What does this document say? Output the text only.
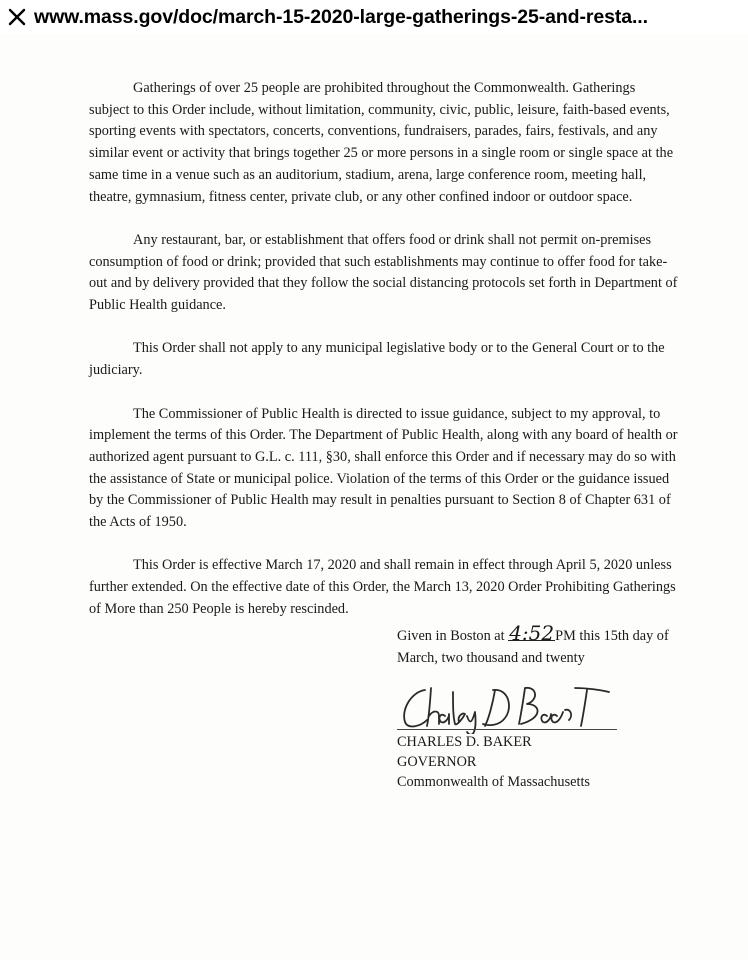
www.mass.gov/doc/march-15-2020-large-gatherings-25-and-resta...

Gatherings of over 25 people are prohibited throughout the Commonwealth. Gatherings subject to this Order include, without limitation, community, civic, public, leisure, faith-based events, sporting events with spectators, concerts, conventions, fundraisers, parades, fairs, festivals, and any similar event or activity that brings together 25 or more persons in a single room or single space at the same time in a venue such as an auditorium, stadium, arena, large conference room, meeting hall, theatre, gymnasium, fitness center, private club, or any other confined indoor or outdoor space.

Any restaurant, bar, or establishment that offers food or drink shall not permit on-premises consumption of food or drink; provided that such establishments may continue to offer food for take-out and by delivery provided that they follow the social distancing protocols set forth in Department of Public Health guidance.

This Order shall not apply to any municipal legislative body or to the General Court or to the judiciary.

The Commissioner of Public Health is directed to issue guidance, subject to my approval, to implement the terms of this Order. The Department of Public Health, along with any board of health or authorized agent pursuant to G.L. c. 111, §30, shall enforce this Order and if necessary may do so with the assistance of State or municipal police. Violation of the terms of this Order or the guidance issued by the Commissioner of Public Health may result in penalties pursuant to Section 8 of Chapter 631 of the Acts of 1950.

This Order is effective March 17, 2020 and shall remain in effect through April 5, 2020 unless further extended. On the effective date of this Order, the March 13, 2020 Order Prohibiting Gatherings of More than 250 People is hereby rescinded.

Given in Boston at 4:52PM this 15th day of
March, two thousand and twenty
CHARLES D. BAKER
GOVERNOR
Commonwealth of Massachusetts
